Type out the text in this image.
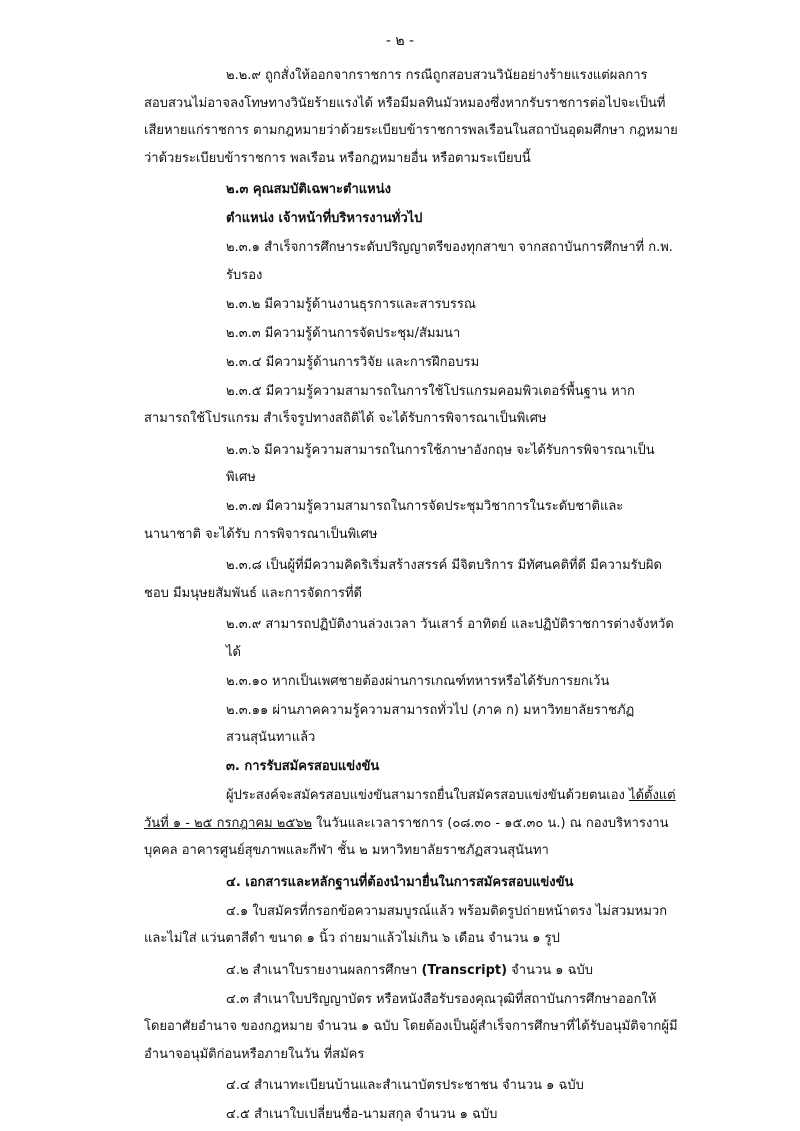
- ๒ -

๒.๒.๙ ถูกสั่งให้ออกจากราชการ กรณีถูกสอบสวนวินัยอย่างร้ายแรงแต่ผลการสอบสวนไม่อาจลงโทษทางวินัยร้ายแรงได้ หรือมีมลทินมัวหมองซึ่งหากรับราชการต่อไปจะเป็นที่เสียหายแก่ราชการ ตามกฎหมายว่าด้วยระเบียบข้าราชการพลเรือนในสถาบันอุดมศึกษา กฎหมายว่าด้วยระเบียบข้าราชการ พลเรือน หรือกฎหมายอื่น หรือตามระเบียบนี้

๒.๓ คุณสมบัติเฉพาะตำแหน่ง

ตำแหน่ง เจ้าหน้าที่บริหารงานทั่วไป

๒.๓.๑ สำเร็จการศึกษาระดับปริญญาตรีของทุกสาขา จากสถาบันการศึกษาที่ ก.พ. รับรอง

๒.๓.๒ มีความรู้ด้านงานธุรการและสารบรรณ

๒.๓.๓ มีความรู้ด้านการจัดประชุม/สัมมนา

๒.๓.๔ มีความรู้ด้านการวิจัย และการฝึกอบรม

๒.๓.๕ มีความรู้ความสามารถในการใช้โปรแกรมคอมพิวเตอร์พื้นฐาน หากสามารถใช้โปรแกรม สำเร็จรูปทางสถิติได้ จะได้รับการพิจารณาเป็นพิเศษ

๒.๓.๖ มีความรู้ความสามารถในการใช้ภาษาอังกฤษ จะได้รับการพิจารณาเป็นพิเศษ

๒.๓.๗ มีความรู้ความสามารถในการจัดประชุมวิชาการในระดับชาติและนานาชาติ จะได้รับ การพิจารณาเป็นพิเศษ

๒.๓.๘ เป็นผู้ที่มีความคิดริเริ่มสร้างสรรค์ มีจิตบริการ มีทัศนคติที่ดี มีความรับผิดชอบ มีมนุษยสัมพันธ์ และการจัดการที่ดี

๒.๓.๙ สามารถปฏิบัติงานล่วงเวลา วันเสาร์ อาทิตย์ และปฏิบัติราชการต่างจังหวัดได้

๒.๓.๑๐ หากเป็นเพศชายต้องผ่านการเกณฑ์ทหารหรือได้รับการยกเว้น

๒.๓.๑๑ ผ่านภาคความรู้ความสามารถทั่วไป (ภาค ก) มหาวิทยาลัยราชภัฏสวนสุนันทาแล้ว

๓. การรับสมัครสอบแข่งขัน

ผู้ประสงค์จะสมัครสอบแข่งขันสามารถยื่นใบสมัครสอบแข่งขันด้วยตนเอง ได้ตั้งแต่วันที่ ๑ - ๒๕ กรกฎาคม ๒๕๖๒ ในวันและเวลาราชการ (๐๘.๓๐ - ๑๕.๓๐ น.) ณ กองบริหารงานบุคคล อาคารศูนย์สุขภาพและกีฬา ชั้น ๒ มหาวิทยาลัยราชภัฏสวนสุนันทา

๔. เอกสารและหลักฐานที่ต้องนำมายื่นในการสมัครสอบแข่งขัน

๔.๑ ใบสมัครที่กรอกข้อความสมบูรณ์แล้ว พร้อมติดรูปถ่ายหน้าตรง ไม่สวมหมวกและไม่ใส่ แว่นตาสีดำ ขนาด ๑ นิ้ว ถ่ายมาแล้วไม่เกิน ๖ เดือน จำนวน ๑ รูป

๔.๒ สำเนาใบรายงานผลการศึกษา (Transcript) จำนวน ๑ ฉบับ

๔.๓ สำเนาใบปริญญาบัตร หรือหนังสือรับรองคุณวุฒิที่สถาบันการศึกษาออกให้ โดยอาศัยอำนาจ ของกฎหมาย จำนวน ๑ ฉบับ โดยต้องเป็นผู้สำเร็จการศึกษาที่ได้รับอนุมัติจากผู้มีอำนาจอนุมัติก่อนหรือภายในวัน ที่สมัคร

๔.๔ สำเนาทะเบียนบ้านและสำเนาบัตรประชาชน จำนวน ๑ ฉบับ

๔.๕ สำเนาใบเปลี่ยนชื่อ-นามสกุล จำนวน ๑ ฉบับ
